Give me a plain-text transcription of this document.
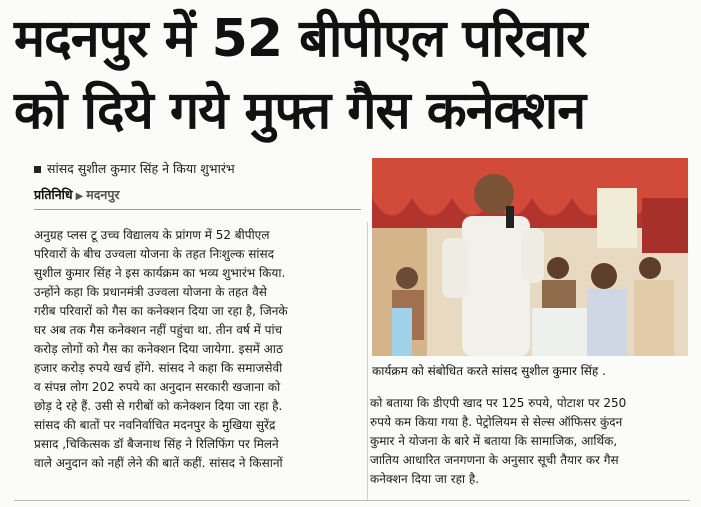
मदनपुर में 52 बीपीएल परिवार
को दिये गये मुफ्त गैस कनेक्शन
सांसद सुशील कुमार सिंह ने किया शुभारंभ
प्रतिनिधि ▶ मदनपुर

अनुग्रह प्लस टू उच्च विद्यालय के प्रांगण में 52 बीपीएल

परिवारों के बीच उज्वला योजना के तहत निःशुल्क सांसद

सुशील कुमार सिंह ने इस कार्यक्रम का भव्य शुभारंभ किया.

उन्होंने कहा कि प्रधानमंत्री उज्वला योजना के तहत वैसे

गरीब परिवारों को गैस का कनेक्शन दिया जा रहा है, जिनके

घर अब तक गैस कनेक्शन नहीं पहुंचा था. तीन वर्ष में पांच

करोड़ लोगों को गैस का कनेक्शन दिया जायेगा. इसमें आठ

हजार करोड़ रुपये खर्च होंगे. सांसद ने कहा कि समाजसेवी

व संपन्न लोग 202 रुपये का अनुदान सरकारी खजाना को

छोड़ दे रहे हैं. उसी से गरीबों को कनेक्शन दिया जा रहा है.

सांसद की बातों पर नवनिर्वाचित मदनपुर के मुखिया सुरेंद्र

प्रसाद ,चिकित्सक डॉ बैजनाथ सिंह ने रिलिफिंग पर मिलने

वाले अनुदान को नहीं लेने की बातें कहीं. सांसद ने किसानों

कार्यक्रम को संबोधित करते सांसद सुशील कुमार सिंह .

को बताया कि डीएपी खाद पर 125 रुपये, पोटाश पर 250

रुपये कम किया गया है. पेट्रोलियम से सेल्स ऑफिसर कुंदन

कुमार ने योजना के बारे में बताया कि सामाजिक, आर्थिक,

जातिय आधारित जनगणना के अनुसार सूची तैयार कर गैस

कनेक्शन दिया जा रहा है.
